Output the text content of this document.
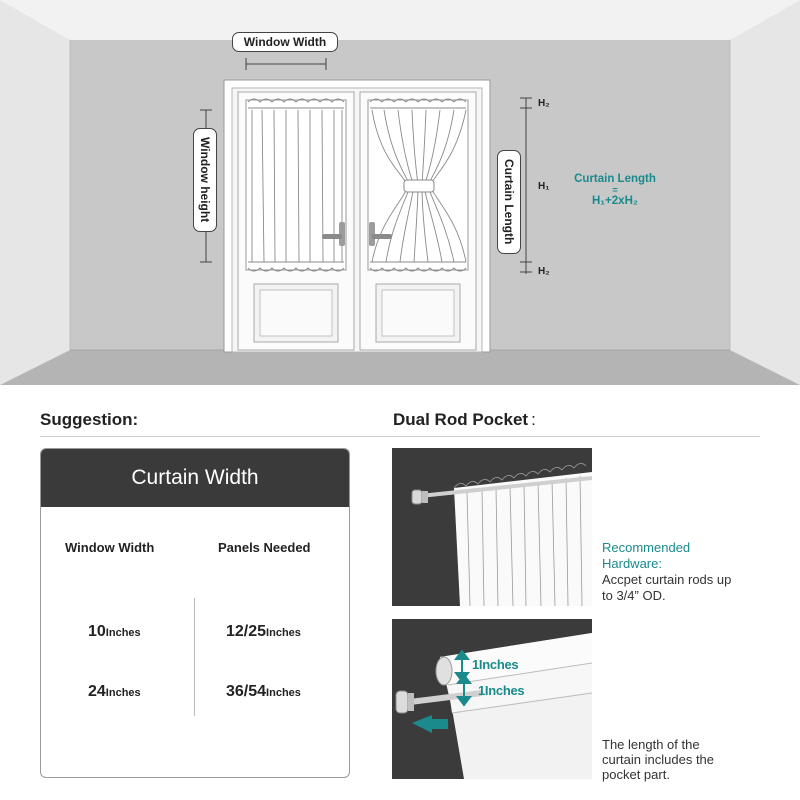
Window Width
Window height	Curtain Length
H₂
H₁
H₂
Curtain Length
=
H₁+2xH₂
Suggestion:	Dual Rod Pocket :
Curtain Width
Window Width	Panels Needed
10Inches	12/25Inches
24Inches	36/54Inches
Recommended Hardware:
Accpet curtain rods up to 3/4” OD.
1Inches
1Inches
The length of the curtain includes the pocket part.
